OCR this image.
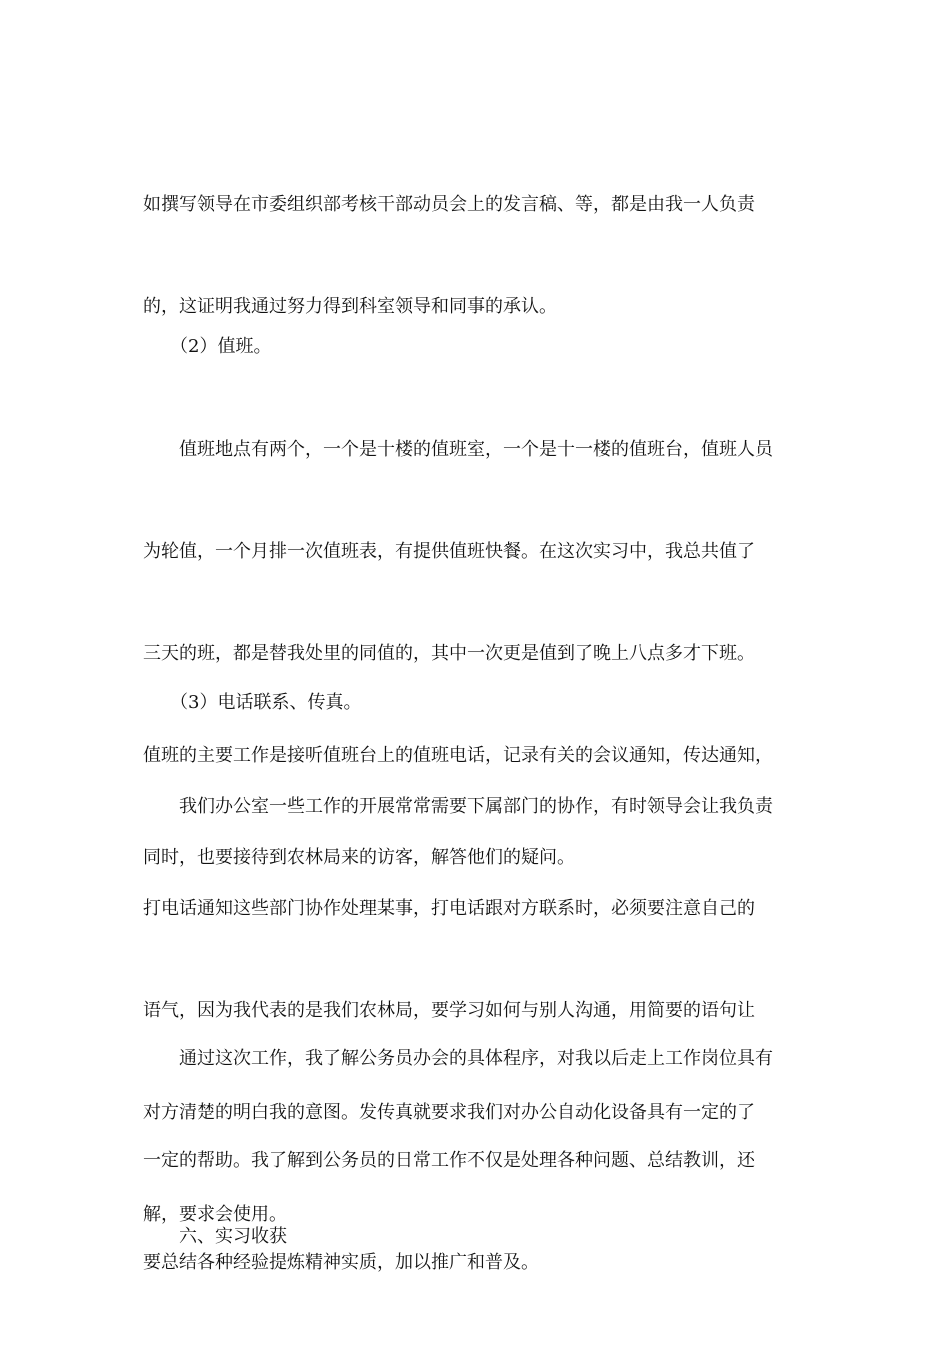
如撰写领导在市委组织部考核干部动员会上的发言稿、等，都是由我一人负责

的，这证明我通过努力得到科室领导和同事的承认。

　　（2）值班。

　　值班地点有两个，一个是十楼的值班室，一个是十一楼的值班台，值班人员

为轮值，一个月排一次值班表，有提供值班快餐。在这次实习中，我总共值了

三天的班，都是替我处里的同值的，其中一次更是值到了晚上八点多才下班。

值班的主要工作是接听值班台上的值班电话，记录有关的会议通知，传达通知，

同时，也要接待到农林局来的访客，解答他们的疑问。

　　（3）电话联系、传真。

　　我们办公室一些工作的开展常常需要下属部门的协作，有时领导会让我负责

打电话通知这些部门协作处理某事，打电话跟对方联系时，必须要注意自己的

语气，因为我代表的是我们农林局，要学习如何与别人沟通，用简要的语句让

对方清楚的明白我的意图。发传真就要求我们对办公自动化设备具有一定的了

解，要求会使用。

　　通过这次工作，我了解公务员办会的具体程序，对我以后走上工作岗位具有

一定的帮助。我了解到公务员的日常工作不仅是处理各种问题、总结教训，还

要总结各种经验提炼精神实质，加以推广和普及。

　　六、实习收获
